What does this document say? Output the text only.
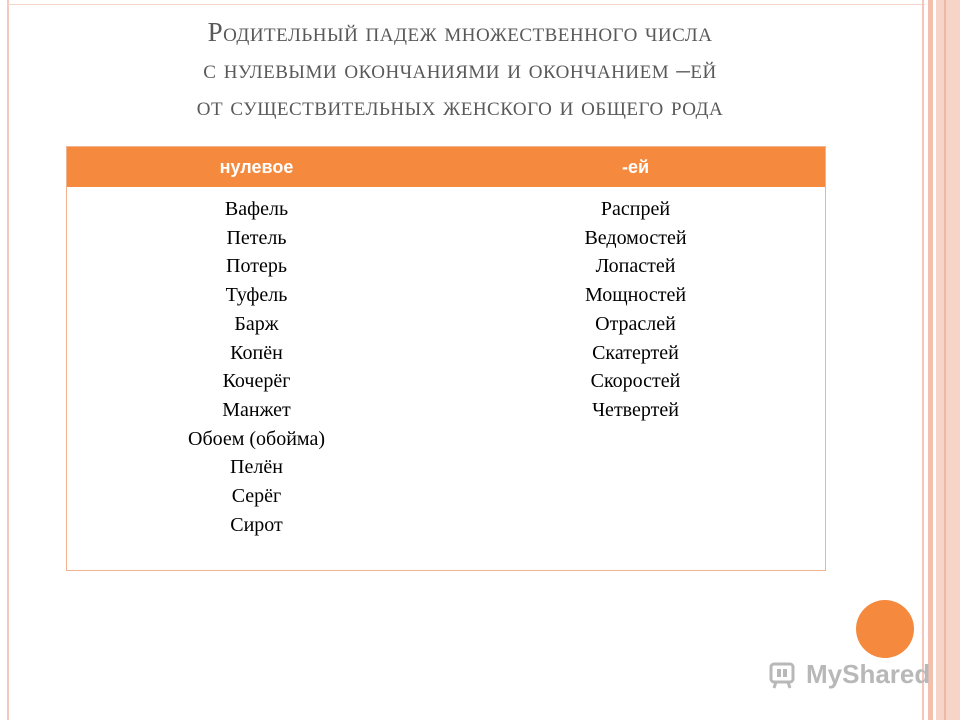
Родительный падеж множественного числа
с нулевыми окончаниями и окончанием –ей
от существительных женского и общего рода
нулевое	-ей
Вафель
Петель
Потерь
Туфель
Барж
Копён
Кочерёг
Манжет
Обоем (обойма)
Пелён
Серёг
Сирот
Распрей
Ведомостей
Лопастей
Мощностей
Отраслей
Скатертей
Скоростей
Четвертей
MyShared
